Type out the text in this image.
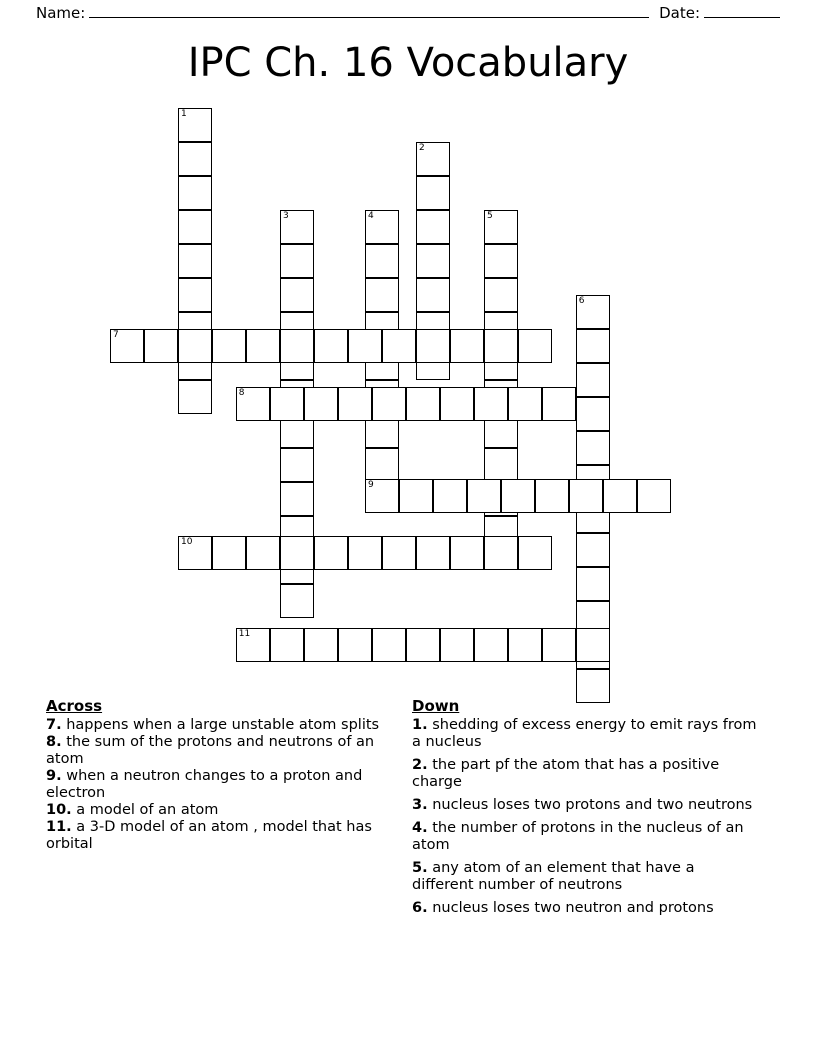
Name:	Date:
IPC Ch. 16 Vocabulary
1
2
3	4	5
6
7
8
9
10
11
Across
7. happens when a large unstable atom splits
8. the sum of the protons and neutrons of an atom
9. when a neutron changes to a proton and electron
10. a model of an atom
11. a 3-D model of an atom , model that has orbital
Down
1. shedding of excess energy to emit rays from a nucleus
2. the part pf the atom that has a positive charge
3. nucleus loses two protons and two neutrons
4. the number of protons in the nucleus of an atom
5. any atom of an element that have a different number of neutrons
6. nucleus loses two neutron and protons
